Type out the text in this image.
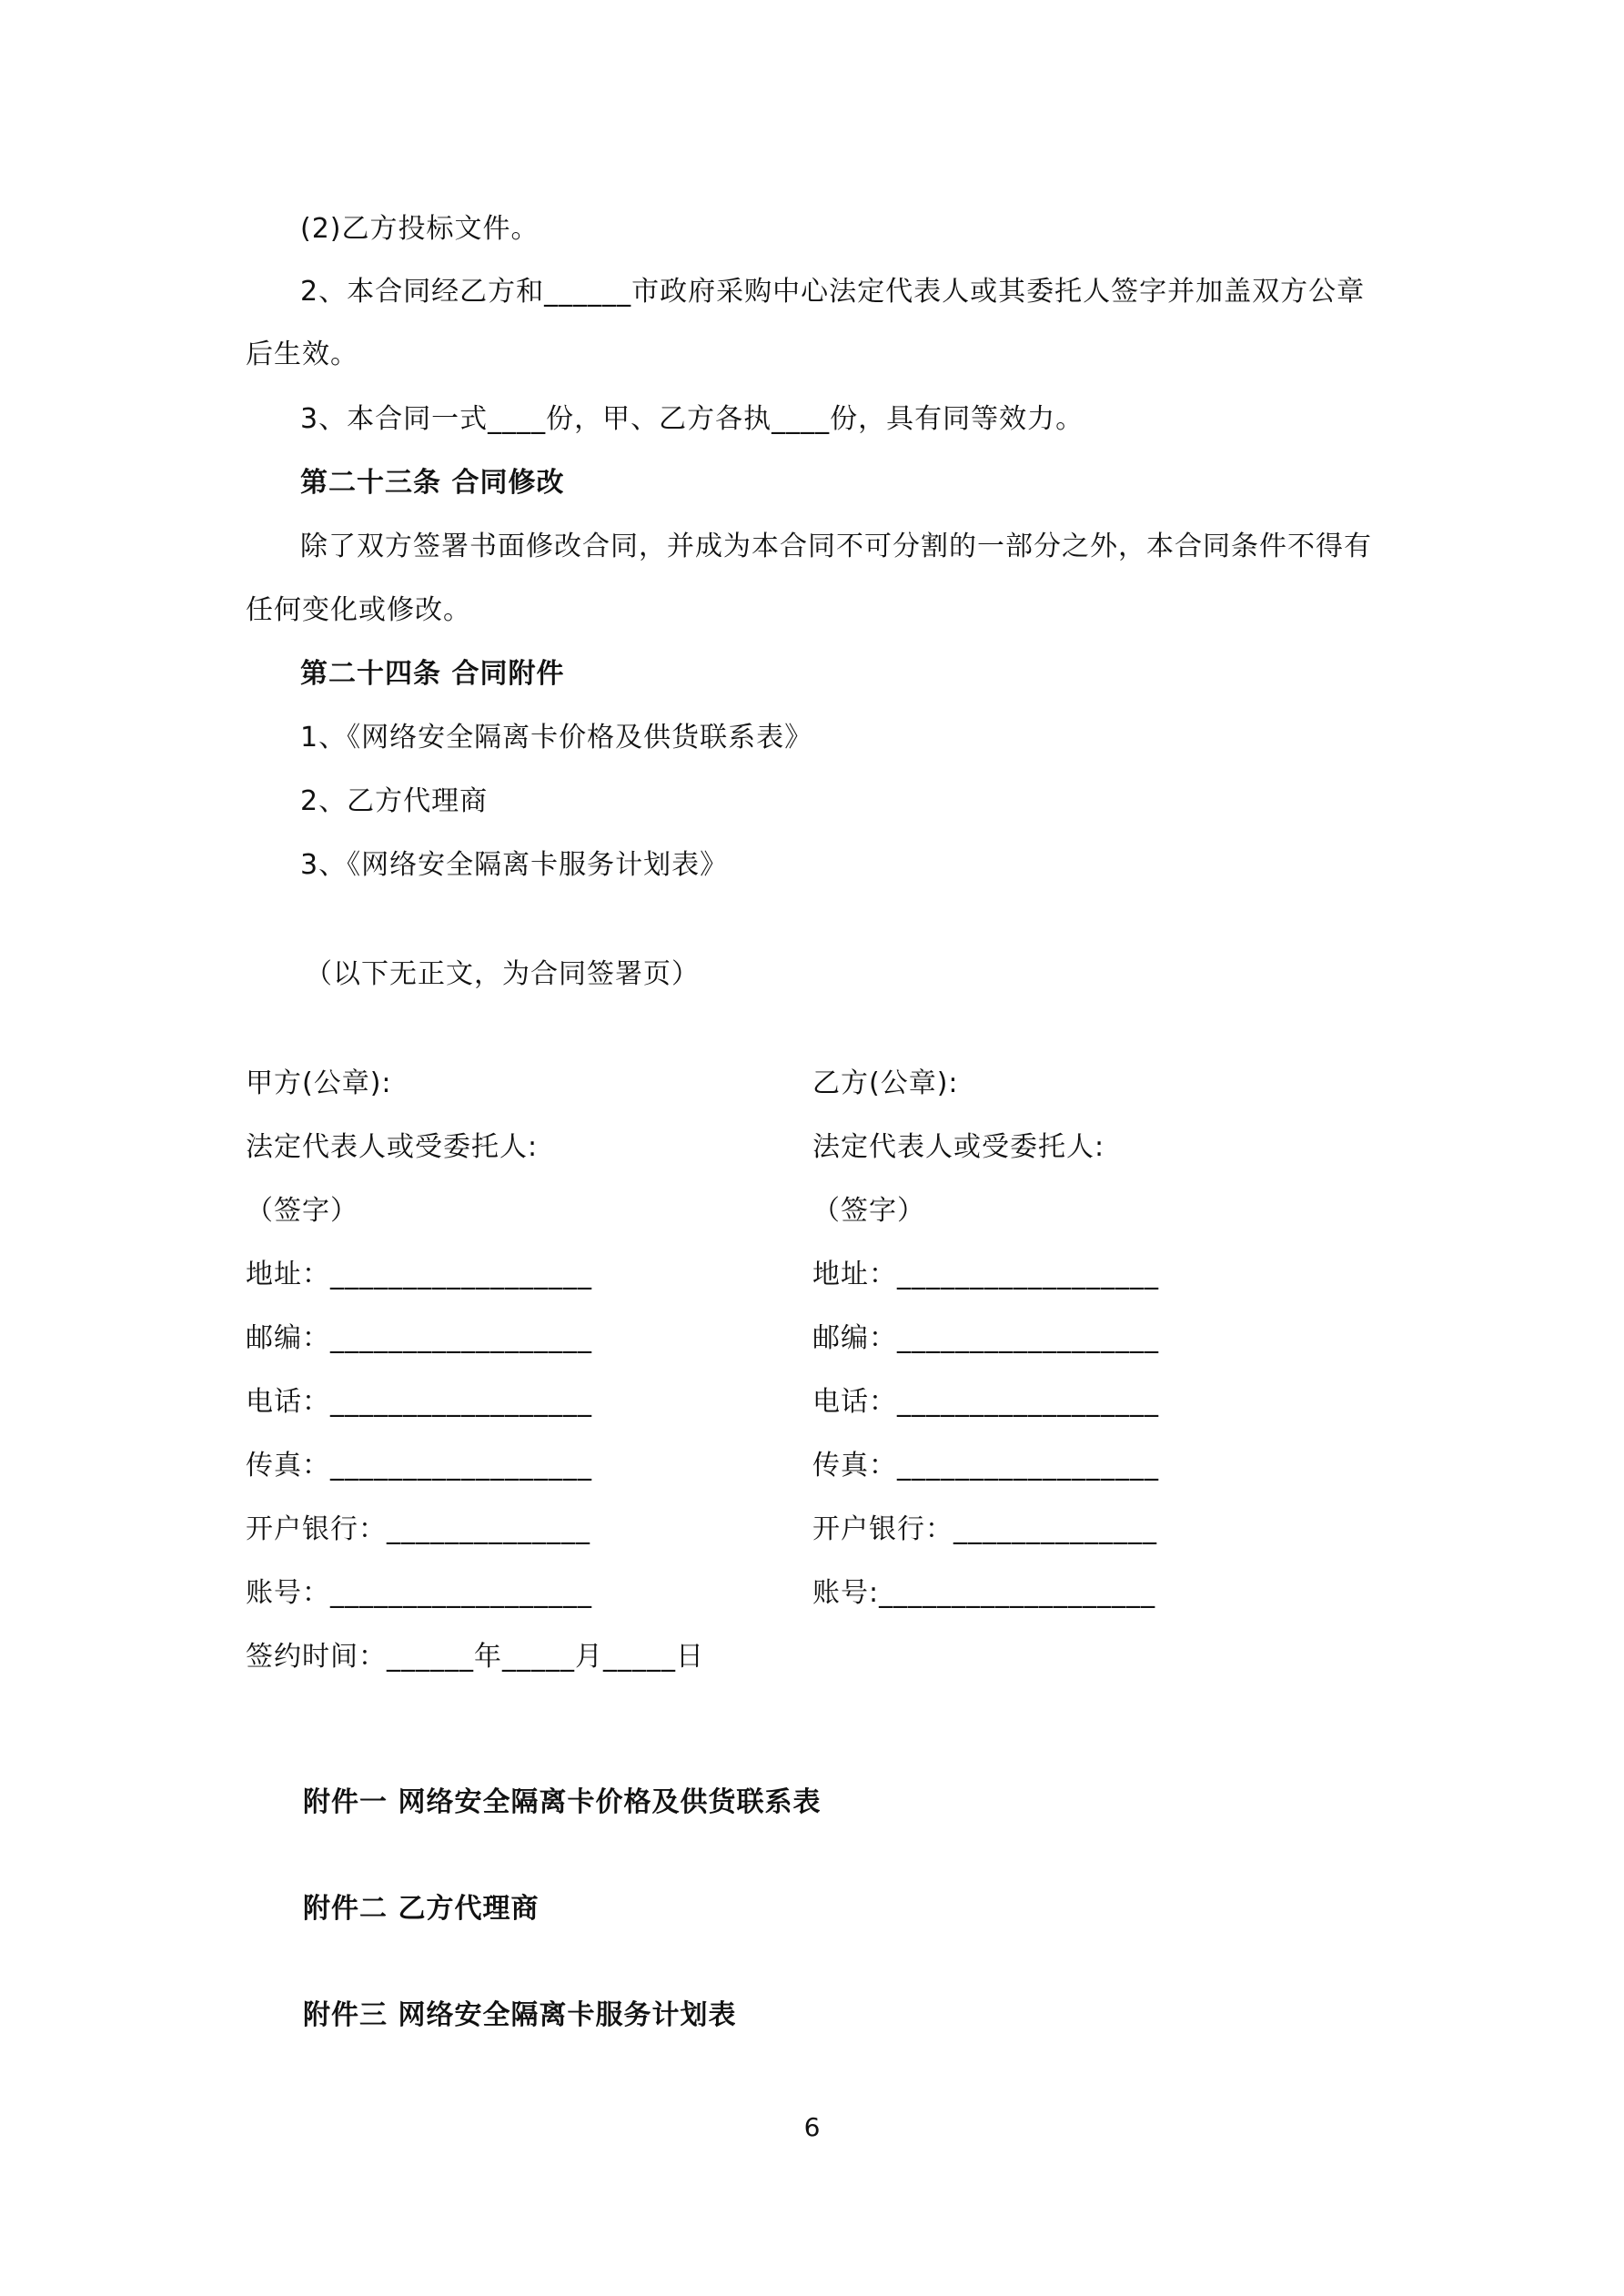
(2)乙方投标文件。
2、本合同经乙方和______市政府采购中心法定代表人或其委托人签字并加盖双方公章
后生效。
3、本合同一式____份，甲、乙方各执____份，具有同等效力。
第二十三条 合同修改
除了双方签署书面修改合同，并成为本合同不可分割的一部分之外，本合同条件不得有
任何变化或修改。
第二十四条 合同附件
1、《网络安全隔离卡价格及供货联系表》
2、乙方代理商
3、《网络安全隔离卡服务计划表》
（以下无正文，为合同签署页）
甲方(公章):
法定代表人或受委托人:
（签字）
地址：__________________
邮编：__________________
电话：__________________
传真：__________________
开户银行：______________
账号：__________________
乙方(公章):
法定代表人或受委托人:
（签字）
地址：__________________
邮编：__________________
电话：__________________
传真：__________________
开户银行：______________
账号:___________________
签约时间：______年_____月_____日
附件一 网络安全隔离卡价格及供货联系表
附件二 乙方代理商
附件三 网络安全隔离卡服务计划表
6
